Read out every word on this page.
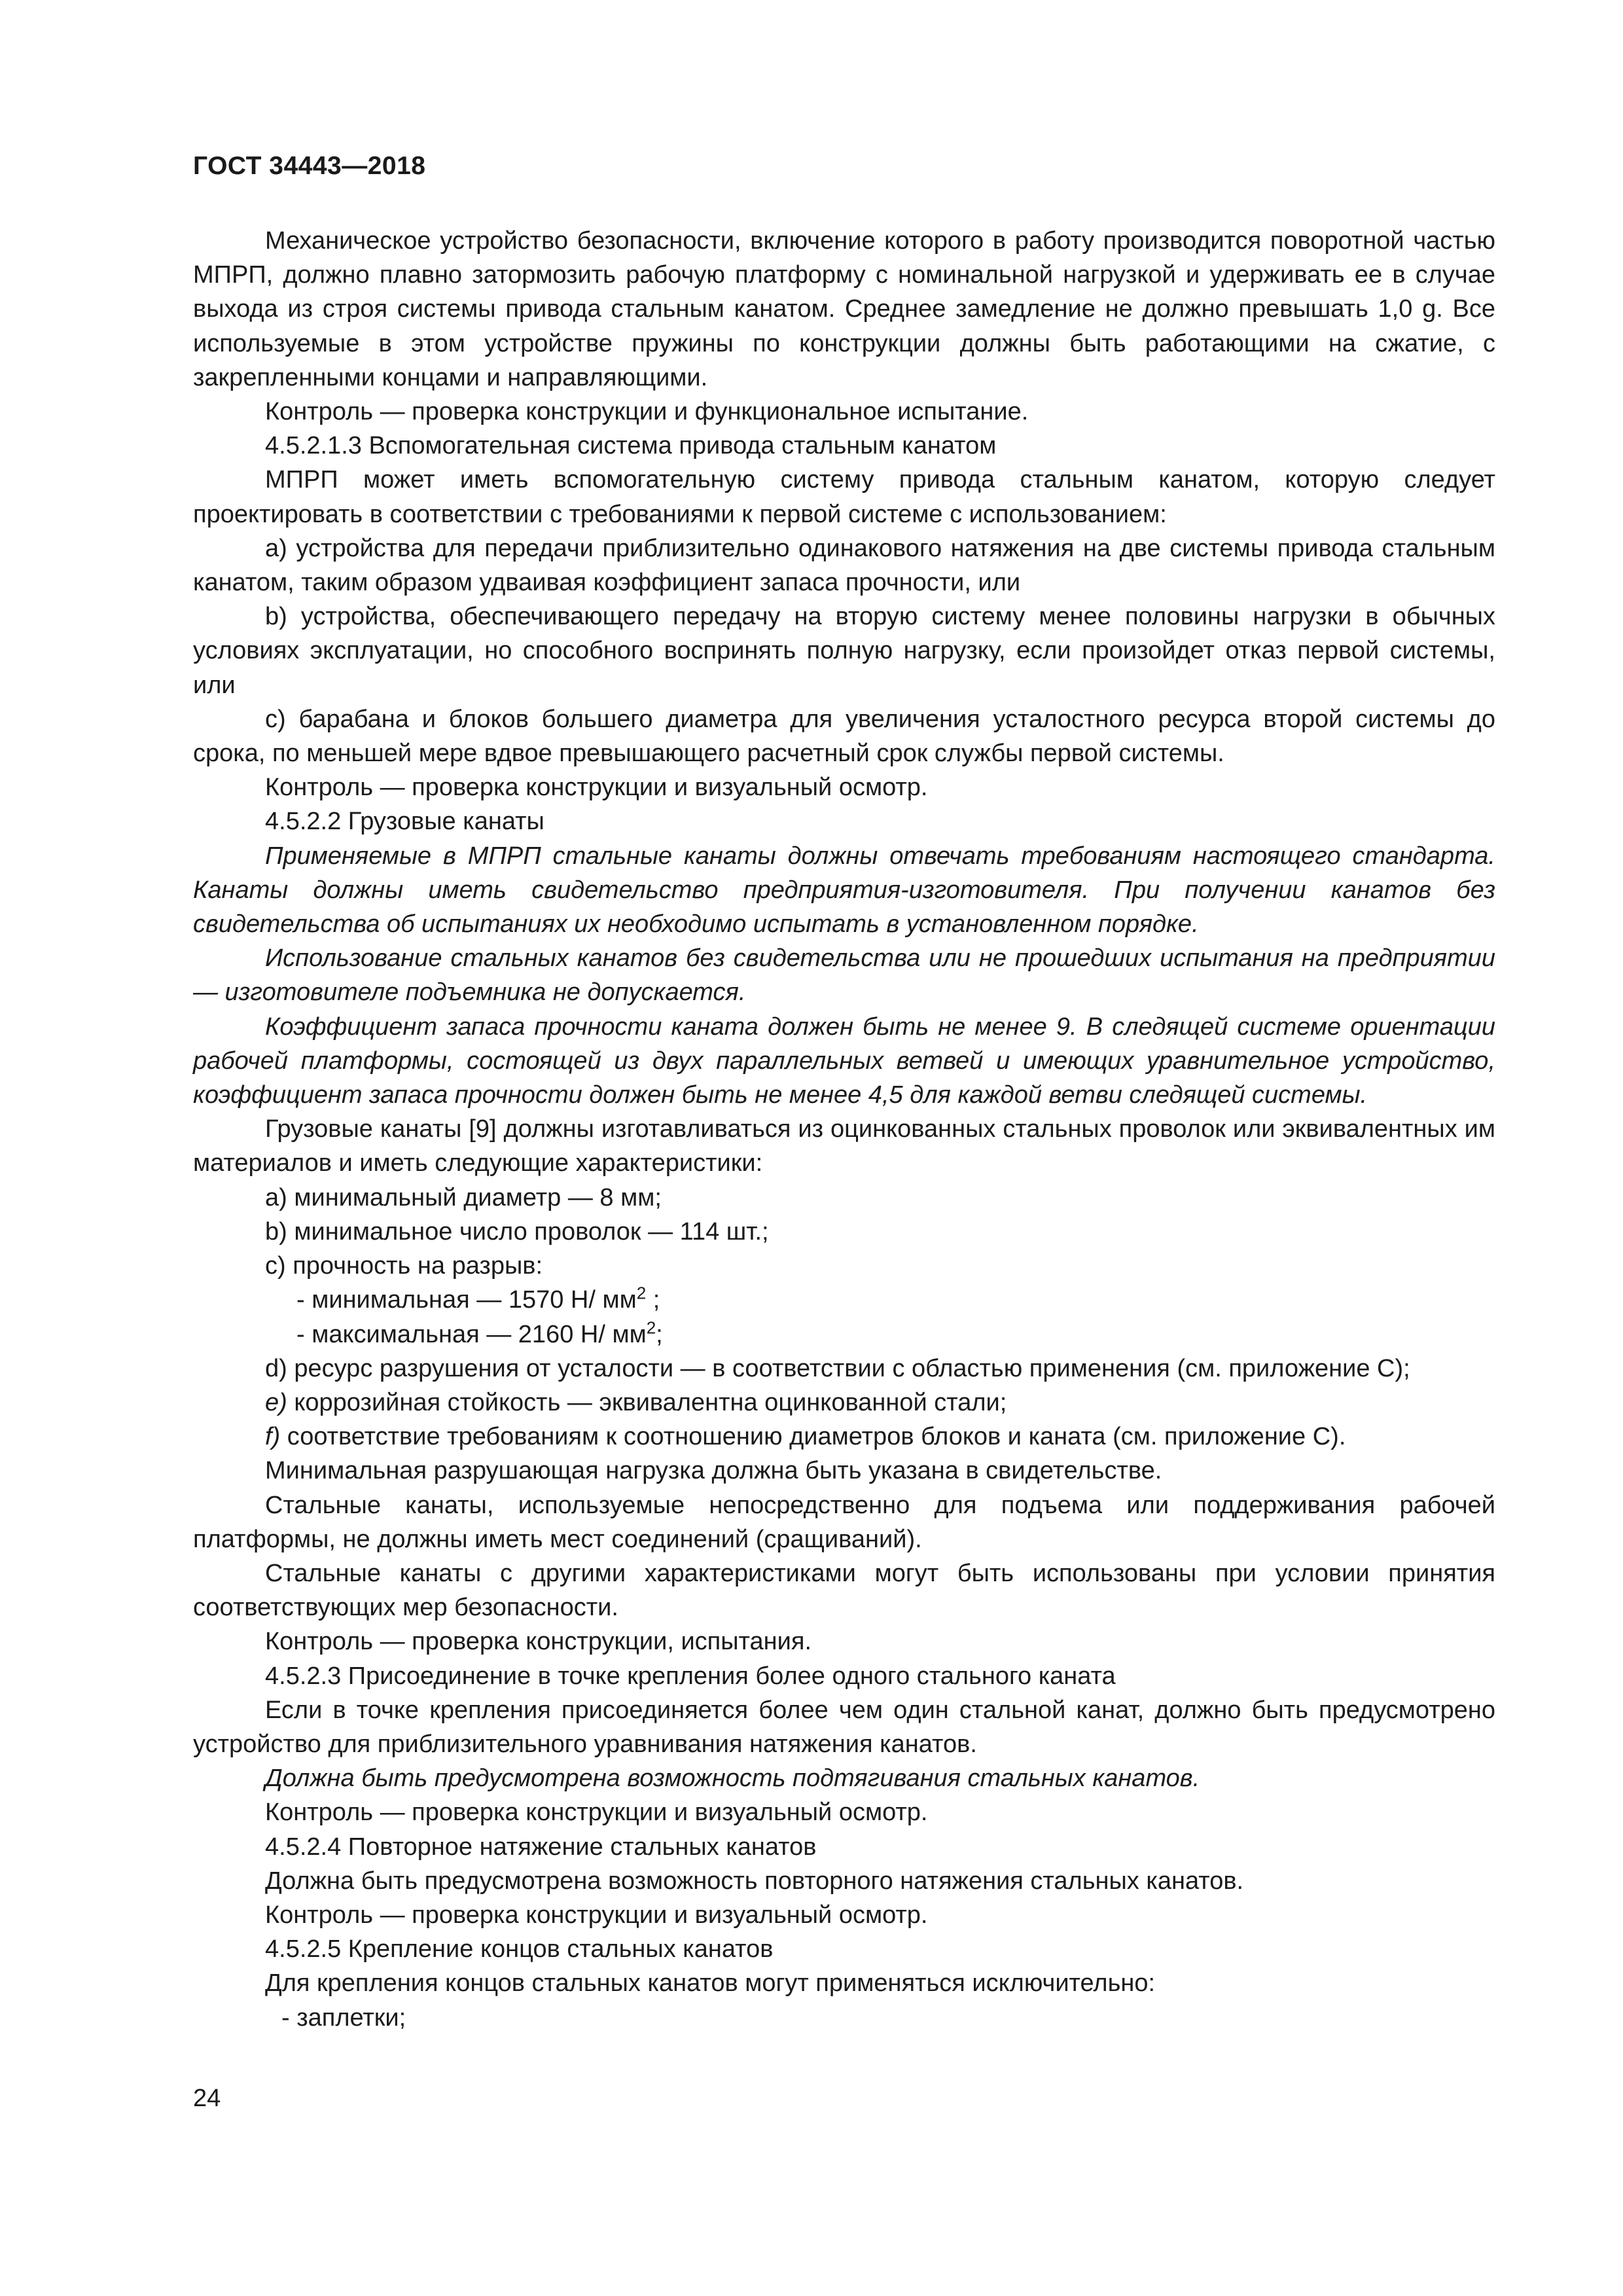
ГОСТ 34443—2018

Механическое устройство безопасности, включение которого в работу производится поворотной частью МПРП, должно плавно затормозить рабочую платформу с номинальной нагрузкой и удерживать ее в случае выхода из строя системы привода стальным канатом. Среднее замедление не должно превышать 1,0 g. Все используемые в этом устройстве пружины по конструкции должны быть работающими на сжатие, с закрепленными концами и направляющими.

Контроль — проверка конструкции и функциональное испытание.

4.5.2.1.3 Вспомогательная система привода стальным канатом

МПРП может иметь вспомогательную систему привода стальным канатом, которую следует проектировать в соответствии с требованиями к первой системе с использованием:

a) устройства для передачи приблизительно одинакового натяжения на две системы привода стальным канатом, таким образом удваивая коэффициент запаса прочности, или

b) устройства, обеспечивающего передачу на вторую систему менее половины нагрузки в обычных условиях эксплуатации, но способного воспринять полную нагрузку, если произойдет отказ первой системы, или

c) барабана и блоков большего диаметра для увеличения усталостного ресурса второй системы до срока, по меньшей мере вдвое превышающего расчетный срок службы первой системы.

Контроль — проверка конструкции и визуальный осмотр.

4.5.2.2 Грузовые канаты

Применяемые в МПРП стальные канаты должны отвечать требованиям настоящего стандарта. Канаты должны иметь свидетельство предприятия-изготовителя. При получении канатов без свидетельства об испытаниях их необходимо испытать в установленном порядке.

Использование стальных канатов без свидетельства или не прошедших испытания на предприятии — изготовителе подъемника не допускается.

Коэффициент запаса прочности каната должен быть не менее 9. В следящей системе ориентации рабочей платформы, состоящей из двух параллельных ветвей и имеющих уравнительное устройство, коэффициент запаса прочности должен быть не менее 4,5 для каждой ветви следящей системы.

Грузовые канаты [9] должны изготавливаться из оцинкованных стальных проволок или эквивалентных им материалов и иметь следующие характеристики:

a) минимальный диаметр — 8 мм;

b) минимальное число проволок — 114 шт.;

c) прочность на разрыв:

- минимальная — 1570 Н/ $мм^2$ ;

- максимальная — 2160 Н/ $мм^2$;

d) ресурс разрушения от усталости — в соответствии с областью применения (см. приложение С);

e) коррозийная стойкость — эквивалентна оцинкованной стали;

f) соответствие требованиям к соотношению диаметров блоков и каната (см. приложение С).

Минимальная разрушающая нагрузка должна быть указана в свидетельстве.

Стальные канаты, используемые непосредственно для подъема или поддерживания рабочей платформы, не должны иметь мест соединений (сращиваний).

Стальные канаты с другими характеристиками могут быть использованы при условии принятия соответствующих мер безопасности.

Контроль — проверка конструкции, испытания.

4.5.2.3 Присоединение в точке крепления более одного стального каната

Если в точке крепления присоединяется более чем один стальной канат, должно быть предусмотрено устройство для приблизительного уравнивания натяжения канатов.

Должна быть предусмотрена возможность подтягивания стальных канатов.

Контроль — проверка конструкции и визуальный осмотр.

4.5.2.4 Повторное натяжение стальных канатов

Должна быть предусмотрена возможность повторного натяжения стальных канатов.

Контроль — проверка конструкции и визуальный осмотр.

4.5.2.5 Крепление концов стальных канатов

Для крепления концов стальных канатов могут применяться исключительно:

- заплетки;

24
